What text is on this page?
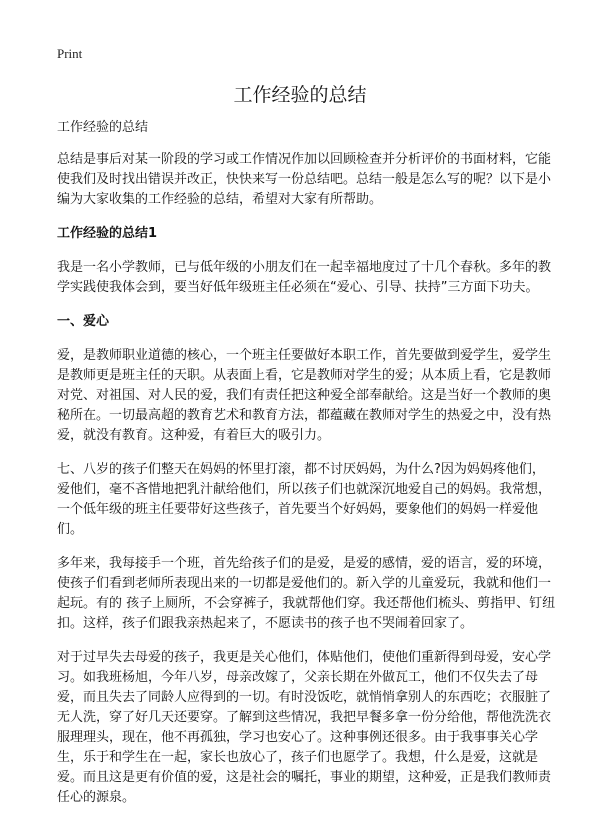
Print
工作经验的总结

工作经验的总结

总结是事后对某一阶段的学习或工作情况作加以回顾检查并分析评价的书面材料，它能使我们及时找出错误并改正，快快来写一份总结吧。总结一般是怎么写的呢？以下是小编为大家收集的工作经验的总结，希望对大家有所帮助。

工作经验的总结1

我是一名小学教师，已与低年级的小朋友们在一起幸福地度过了十几个春秋。多年的教学实践使我体会到，要当好低年级班主任必须在“爱心、引导、扶持”三方面下功夫。

一、爱心

爱，是教师职业道德的核心，一个班主任要做好本职工作，首先要做到爱学生，爱学生是教师更是班主任的天职。从表面上看，它是教师对学生的爱；从本质上看，它是教师对党、对祖国、对人民的爱，我们有责任把这种爱全部奉献给。这是当好一个教师的奥秘所在。一切最高超的教育艺术和教育方法，都蕴藏在教师对学生的热爱之中，没有热爱，就没有教育。这种爱，有着巨大的吸引力。

七、八岁的孩子们整天在妈妈的怀里打滚，都不讨厌妈妈，为什么?因为妈妈疼他们，爱他们，毫不吝惜地把乳汁献给他们，所以孩子们也就深沉地爱自己的妈妈。我常想，一个低年级的班主任要带好这些孩子，首先要当个好妈妈，要象他们的妈妈一样爱他们。

多年来，我每接手一个班，首先给孩子们的是爱，是爱的感情，爱的语言，爱的环境，使孩子们看到老师所表现出来的一切都是爱他们的。新入学的儿童爱玩，我就和他们一起玩。有的 孩子上厕所，不会穿裤子，我就帮他们穿。我还帮他们梳头、剪指甲、钉纽扣。这样，孩子们跟我亲热起来了，不愿读书的孩子也不哭闹着回家了。

对于过早失去母爱的孩子，我更是关心他们，体贴他们，使他们重新得到母爱，安心学习。如我班杨旭，今年八岁，母亲改嫁了，父亲长期在外做瓦工，他们不仅失去了母爱，而且失去了同龄人应得到的一切。有时没饭吃，就悄悄拿别人的东西吃；衣服脏了无人洗，穿了好几天还要穿。了解到这些情况，我把早餐多拿一份分给他，帮他洗洗衣服理理头，现在，他不再孤独，学习也安心了。这种事例还很多。由于我事事关心学生，乐于和学生在一起，家长也放心了，孩子们也愿学了。我想，什么是爱，这就是爱。而且这是更有价值的爱，这是社会的嘱托，事业的期望，这种爱，正是我们教师责任心的源泉。
